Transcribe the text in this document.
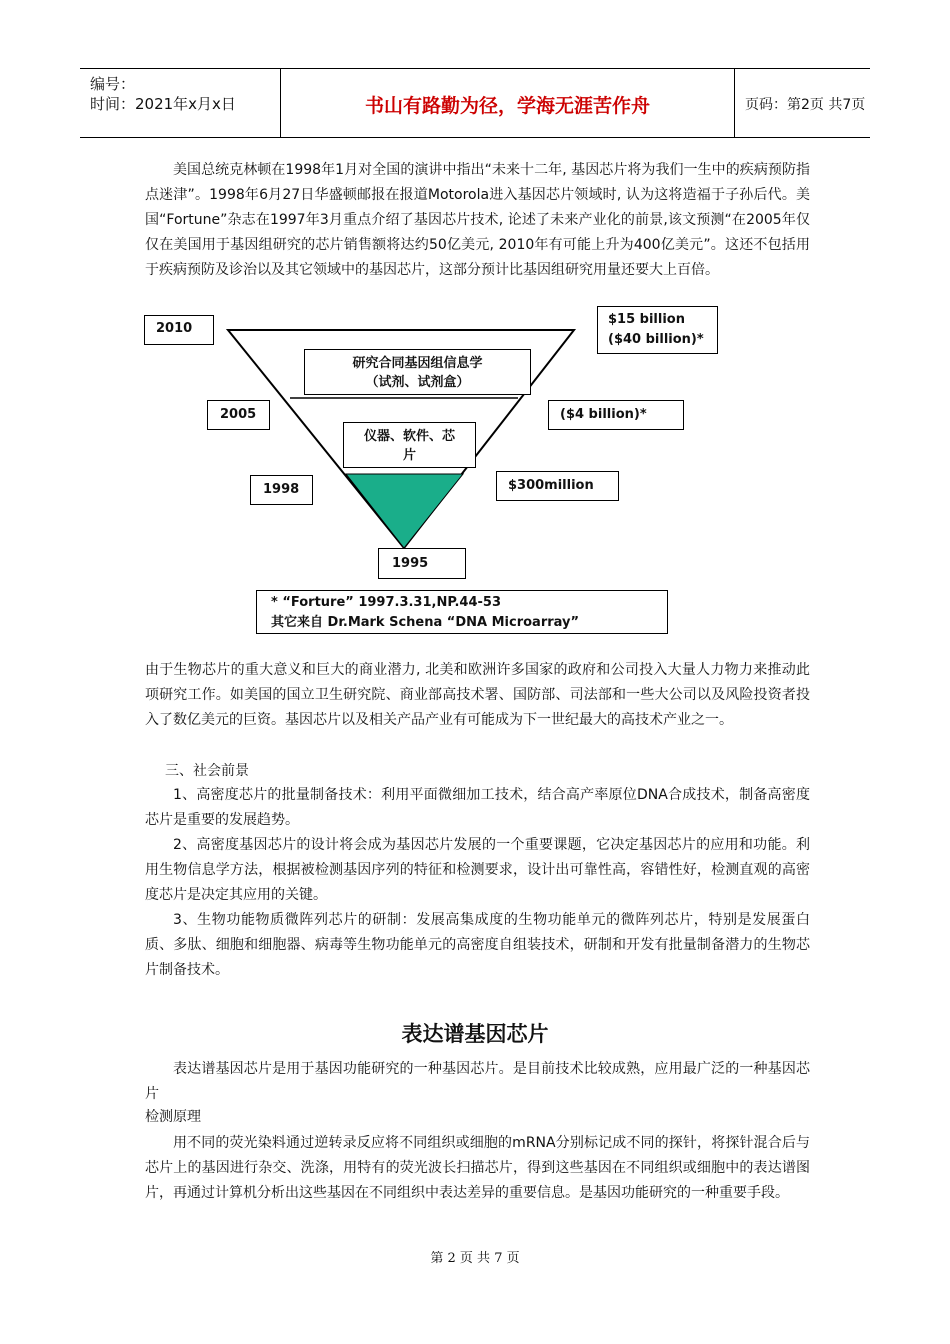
编号：
时间：2021年x月x日	书山有路勤为径，学海无涯苦作舟	页码：第2页 共7页
美国总统克林顿在1998年1月对全国的演讲中指出“未来十二年, 基因芯片将为我们一生中的疾病预防指点迷津”。1998年6月27日华盛顿邮报在报道Motorola进入基因芯片领域时, 认为这将造福于子孙后代。美国“Fortune”杂志在1997年3月重点介绍了基因芯片技术, 论述了未来产业化的前景,该文预测“在2005年仅仅在美国用于基因组研究的芯片销售额将达约50亿美元, 2010年有可能上升为400亿美元”。这还不包括用于疾病预防及诊治以及其它领域中的基因芯片，这部分预计比基因组研究用量还要大上百倍。
2010
2005
1998
1995
$15 billion
($40 billion)*
($4 billion)*
$300million
研究合同基因组信息学
（试剂、试剂盒）
仪器、软件、芯
片
* “Forture” 1997.3.31,NP.44-53
其它来自 Dr.Mark Schena “DNA Microarray”
由于生物芯片的重大意义和巨大的商业潜力, 北美和欧洲许多国家的政府和公司投入大量人力物力来推动此项研究工作。如美国的国立卫生研究院、商业部高技术署、国防部、司法部和一些大公司以及风险投资者投入了数亿美元的巨资。基因芯片以及相关产品产业有可能成为下一世纪最大的高技术产业之一。
三、社会前景
1、高密度芯片的批量制备技术：利用平面微细加工技术，结合高产率原位DNA合成技术，制备高密度芯片是重要的发展趋势。
2、高密度基因芯片的设计将会成为基因芯片发展的一个重要课题，它决定基因芯片的应用和功能。利用生物信息学方法，根据被检测基因序列的特征和检测要求，设计出可靠性高，容错性好，检测直观的高密度芯片是决定其应用的关键。
3、生物功能物质微阵列芯片的研制：发展高集成度的生物功能单元的微阵列芯片，特别是发展蛋白质、多肽、细胞和细胞器、病毒等生物功能单元的高密度自组装技术，研制和开发有批量制备潜力的生物芯片制备技术。
表达谱基因芯片
表达谱基因芯片是用于基因功能研究的一种基因芯片。是目前技术比较成熟，应用最广泛的一种基因芯片
检测原理
用不同的荧光染料通过逆转录反应将不同组织或细胞的mRNA分别标记成不同的探针，将探针混合后与芯片上的基因进行杂交、洗涤，用特有的荧光波长扫描芯片，得到这些基因在不同组织或细胞中的表达谱图片，再通过计算机分析出这些基因在不同组织中表达差异的重要信息。是基因功能研究的一种重要手段。
第 2 页 共 7 页
